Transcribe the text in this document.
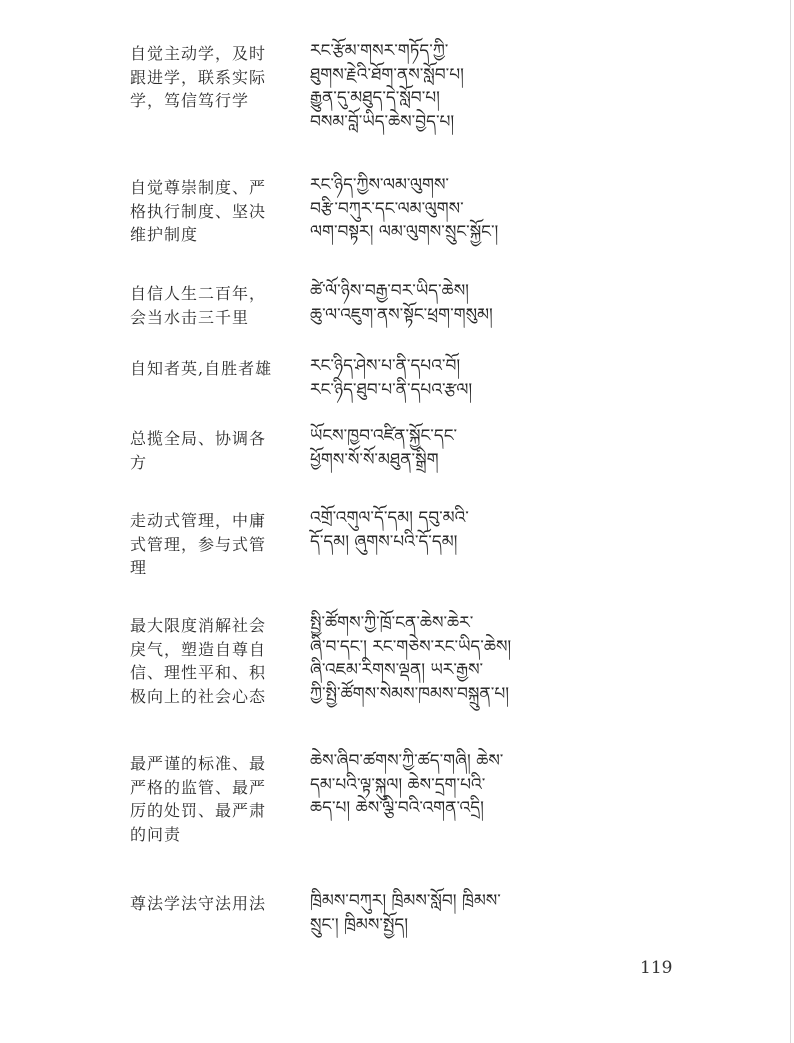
自觉主动学，及时
跟进学，联系实际
学，笃信笃行学
རང་རྩོམ་གསར་གཏོད་ཀྱི་
ཐུགས་རྗེའི་ཐོག་ནས་སློབ་པ།
རྒྱུན་དུ་མཐུད་དེ་སློབ་པ།
བསམ་བློ་ཡིད་ཆེས་བྱེད་པ།
自觉尊崇制度、严
格执行制度、坚决
维护制度
རང་ཉིད་ཀྱིས་ལམ་ལུགས་
བརྩི་བཀུར་དང་ལམ་ལུགས་
ལག་བསྟར། ལམ་ལུགས་སྲུང་སྐྱོང་།
自信人生二百年，
会当水击三千里
ཚེ་ལོ་ཉིས་བརྒྱ་བར་ཡིད་ཆེས།
ཆུ་ལ་འཇུག་ནས་སྟོང་ཕྲག་གསུམ།
自知者英,自胜者雄	རང་ཉིད་ཤེས་པ་ནི་དཔའ་བོ།
རང་ཉིད་ཐུབ་པ་ནི་དཔའ་རྩལ།
总揽全局、协调各
方
ཡོངས་ཁྱབ་འཛིན་སྐྱོང་དང་
ཕྱོགས་སོ་སོ་མཐུན་སྒྲིག
走动式管理，中庸
式管理，参与式管
理
འགྲོ་འགུལ་དོ་དམ། དབུ་མའི་
དོ་དམ། ཞུགས་པའི་དོ་དམ།
最大限度消解社会
戾气，塑造自尊自
信、理性平和、积
极向上的社会心态
སྤྱི་ཚོགས་ཀྱི་ཁྲོ་ངན་ཆེས་ཆེར་
ཞི་བ་དང་། རང་གཅེས་རང་ཡིད་ཆེས།
ཞི་འཇམ་རིགས་ལྡན། ཡར་རྒྱས་
ཀྱི་སྤྱི་ཚོགས་སེམས་ཁམས་བསྐྲུན་པ།
最严谨的标准、最
严格的监管、最严
厉的处罚、最严肃
的问责
ཆེས་ཞིབ་ཚགས་ཀྱི་ཚད་གཞི། ཆེས་
དམ་པའི་ལྟ་སྐུལ། ཆེས་དྲག་པའི་
ཆད་པ། ཆེས་ལྕི་བའི་འགན་འདྲི།
尊法学法守法用法	ཁྲིམས་བཀུར། ཁྲིམས་སློབ། ཁྲིམས་
སྲུང་། ཁྲིམས་སྤྱོད།
119
